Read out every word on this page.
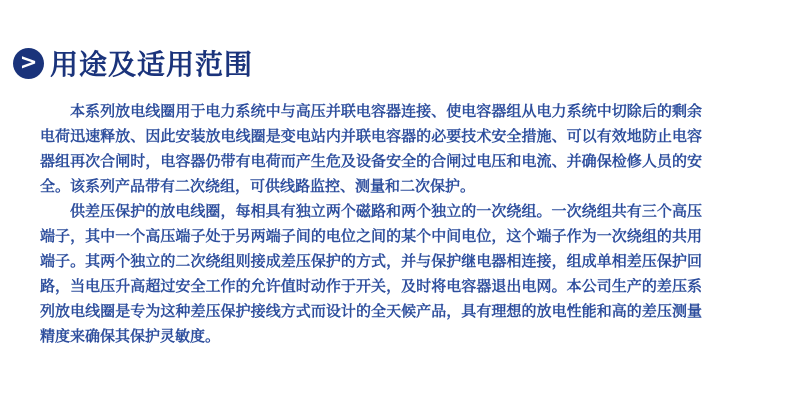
> 用途及适用范围

本系列放电线圈用于电力系统中与高压并联电容器连接、使电容器组从电力系统中切除后的剩余电荷迅速释放、因此安装放电线圈是变电站内并联电容器的必要技术安全措施、可以有效地防止电容器组再次合闸时，电容器仍带有电荷而产生危及设备安全的合闸过电压和电流、并确保检修人员的安全。该系列产品带有二次绕组，可供线路监控、测量和二次保护。

供差压保护的放电线圈，每相具有独立两个磁路和两个独立的一次绕组。一次绕组共有三个高压端子，其中一个高压端子处于另两端子间的电位之间的某个中间电位，这个端子作为一次绕组的共用端子。其两个独立的二次绕组则接成差压保护的方式，并与保护继电器相连接，组成单相差压保护回路，当电压升高超过安全工作的允许值时动作于开关，及时将电容器退出电网。本公司生产的差压系列放电线圈是专为这种差压保护接线方式而设计的全天候产品，具有理想的放电性能和高的差压测量精度来确保其保护灵敏度。
